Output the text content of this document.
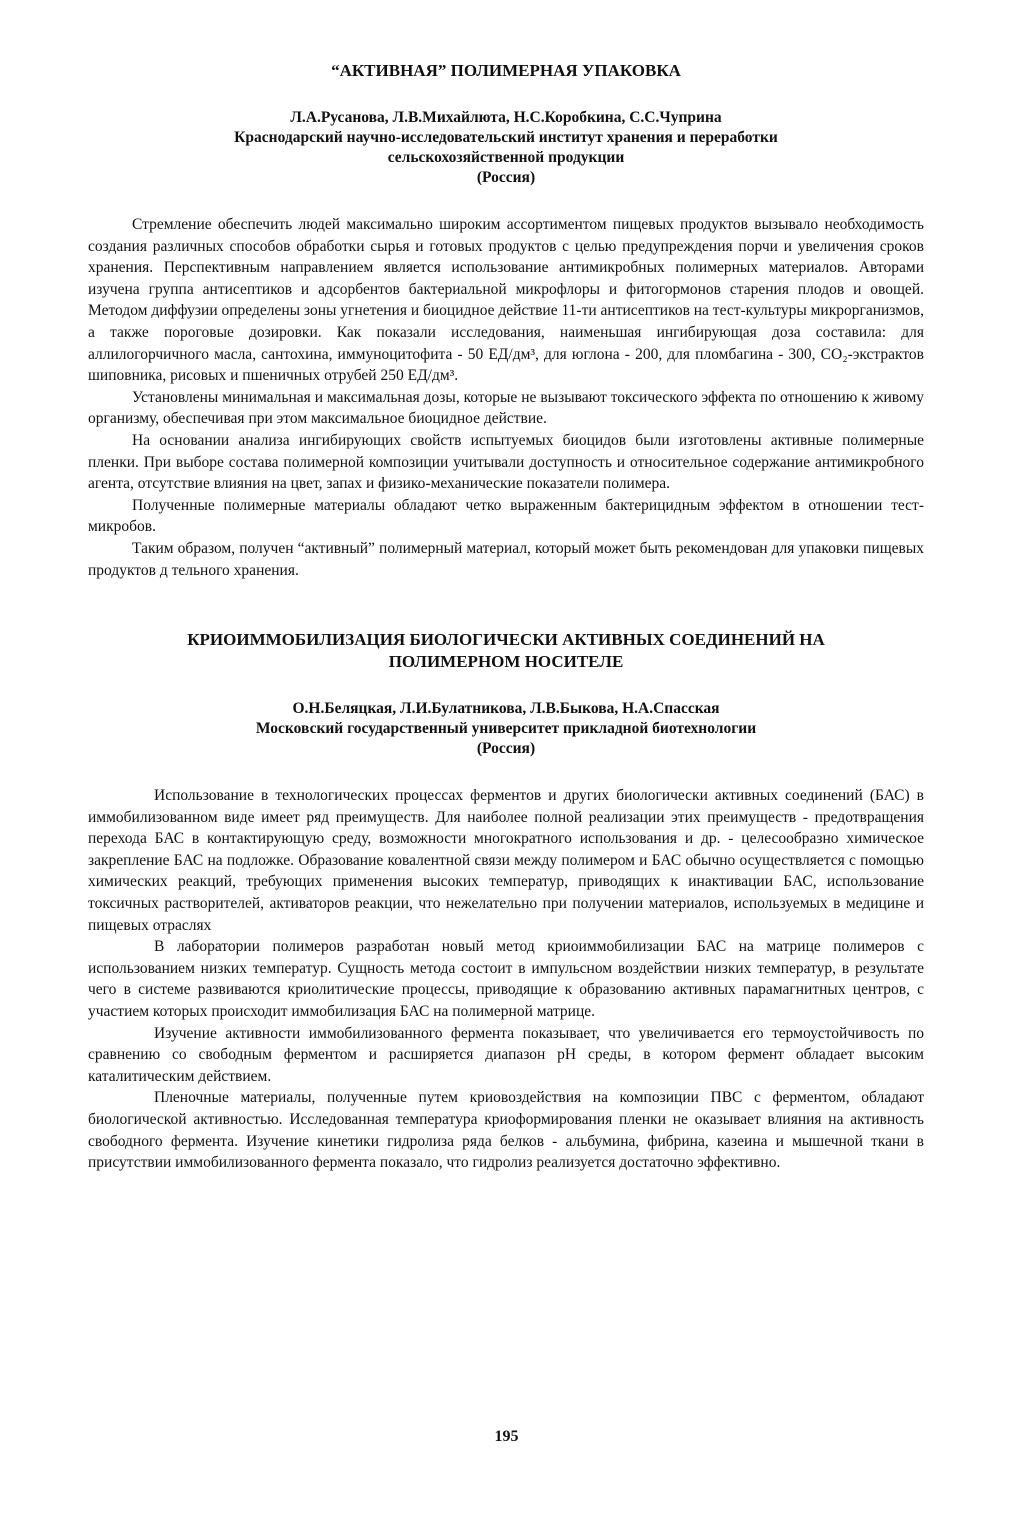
“АКТИВНАЯ” ПОЛИМЕРНАЯ УПАКОВКА

Л.А.Русанова, Л.В.Михайлюта, Н.С.Коробкина, С.С.Чуприна

Краснодарский научно-исследовательский институт хранения и переработки

сельскохозяйственной продукции

(Россия)

Стремление обеспечить людей максимально широким ассортиментом пищевых продуктов вызывало необходимость создания различных способов обработки сырья и готовых продуктов с целью предупреждения порчи и увеличения сроков хранения. Перспективным направлением является использование антимикробных полимерных материалов. Авторами изучена группа антисептиков и адсорбентов бактериальной микрофлоры и фитогормонов старения плодов и овощей. Методом диффузии определены зоны угнетения и биоцидное действие 11-ти антисептиков на тест-культуры микрорганизмов, а также пороговые дозировки. Как показали исследования, наименьшая ингибирующая доза составила: для аллилогорчичного масла, сантохина, иммуноцитофита - 50 ЕД/дм³, для юглона - 200, для пломбагина - 300, СО₂-экстрактов шиповника, рисовых и пшеничных отрубей 250 ЕД/дм³.

Установлены минимальная и максимальная дозы, которые не вызывают токсического эффекта по отношению к живому организму, обеспечивая при этом максимальное биоцидное действие.

На основании анализа ингибирующих свойств испытуемых биоцидов были изготовлены активные полимерные пленки. При выборе состава полимерной композиции учитывали доступность и относительное содержание антимикробного агента, отсутствие влияния на цвет, запах и физико-механические показатели полимера.

Полученные полимерные материалы обладают четко выраженным бактерицидным эффектом в отношении тест-микробов.

Таким образом, получен “активный” полимерный материал, который может быть рекомендован для упаковки пищевых продуктов д тельного хранения.

КРИОИММОБИЛИЗАЦИЯ БИОЛОГИЧЕСКИ АКТИВНЫХ СОЕДИНЕНИЙ НА

ПОЛИМЕРНОМ НОСИТЕЛЕ

О.Н.Беляцкая, Л.И.Булатникова, Л.В.Быкова, Н.А.Спасская

Московский государственный университет прикладной биотехнологии

(Россия)

Использование в технологических процессах ферментов и других биологически активных соединений (БАС) в иммобилизованном виде имеет ряд преимуществ. Для наиболее полной реализации этих преимуществ - предотвращения перехода БАС в контактирующую среду, возможности многократного использования и др. - целесообразно химическое закрепление БАС на подложке. Образование ковалентной связи между полимером и БАС обычно осуществляется с помощью химических реакций, требующих применения высоких температур, приводящих к инактивации БАС, использование токсичных растворителей, активаторов реакции, что нежелательно при получении материалов, используемых в медицине и пищевых отраслях

В лаборатории полимеров разработан новый метод криоиммобилизации БАС на матрице полимеров с использованием низких температур. Сущность метода состоит в импульсном воздействии низких температур, в результате чего в системе развиваются криолитические процессы, приводящие к образованию активных парамагнитных центров, с участием которых происходит иммобилизация БАС на полимерной матрице.

Изучение активности иммобилизованного фермента показывает, что увеличивается его термоустойчивость по сравнению со свободным ферментом и расширяется диапазон pH среды, в котором фермент обладает высоким каталитическим действием.

Пленочные материалы, полученные путем криовоздействия на композиции ПВС с ферментом, обладают биологической активностью. Исследованная температура криоформирования пленки не оказывает влияния на активность свободного фермента. Изучение кинетики гидролиза ряда белков - альбумина, фибрина, казеина и мышечной ткани в присутствии иммобилизованного фермента показало, что гидролиз реализуется достаточно эффективно.

195
